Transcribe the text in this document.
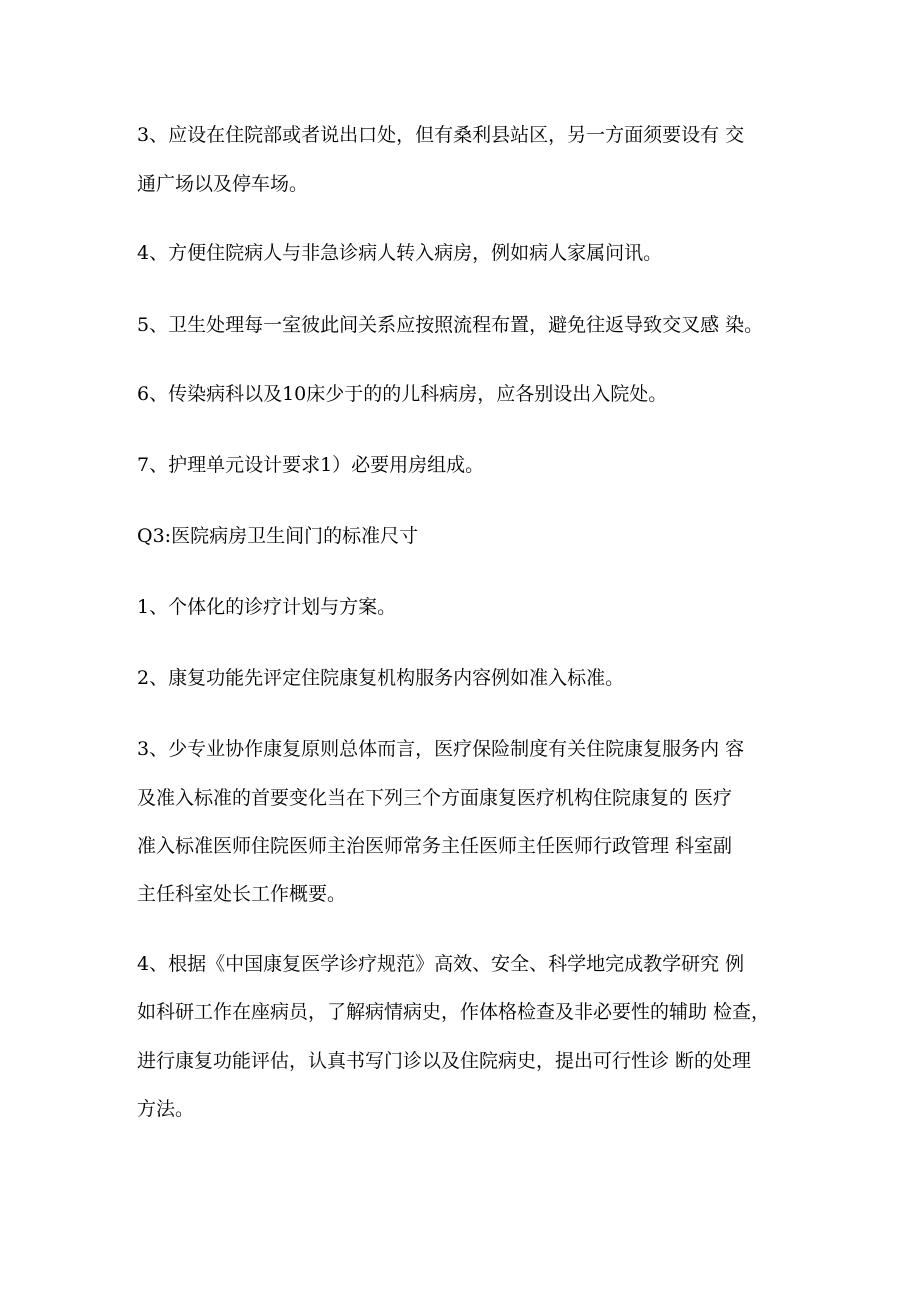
3、应设在住院部或者说出口处，但有桑利县站区，另一方面须要设有 交
通广场以及停车场。
4、方便住院病人与非急诊病人转入病房，例如病人家属问讯。
5、卫生处理每一室彼此间关系应按照流程布置，避免往返导致交叉感 染。
6、传染病科以及10床少于的的儿科病房，应各别设出入院处。
7、护理单元设计要求1）必要用房组成。
Q3:医院病房卫生间门的标准尺寸
1、个体化的诊疗计划与方案。
2、康复功能先评定住院康复机构服务内容例如准入标准。
3、少专业协作康复原则总体而言，医疗保险制度有关住院康复服务内 容
及准入标准的首要变化当在下列三个方面康复医疗机构住院康复的 医疗
准入标准医师住院医师主治医师常务主任医师主任医师行政管理 科室副
主任科室处长工作概要。
4、根据《中国康复医学诊疗规范》高效、安全、科学地完成教学研究 例
如科研工作在座病员，了解病情病史，作体格检查及非必要性的辅助 检查，
进行康复功能评估，认真书写门诊以及住院病史，提出可行性诊 断的处理
方法。
